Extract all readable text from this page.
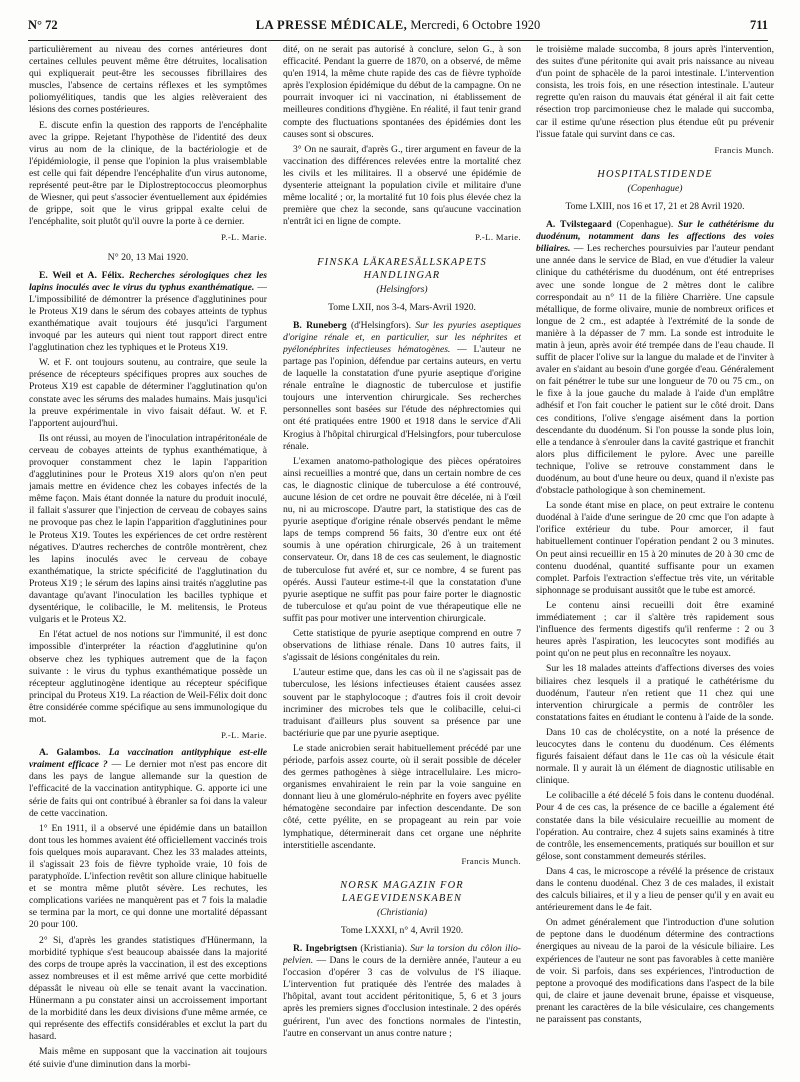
N° 72	LA PRESSE MÉDICALE, Mercredi, 6 Octobre 1920	711

particulièrement au niveau des cornes antérieures dont certaines cellules peuvent même être détruites, localisation qui expliquerait peut-être les secousses fibrillaires des muscles, l'absence de certains réflexes et les symptômes poliomyélitiques, tandis que les algies relèveraient des lésions des cornes postérieures.

E. discute enfin la question des rapports de l'encéphalite avec la grippe. Rejetant l'hypothèse de l'identité des deux virus au nom de la clinique, de la bactériologie et de l'épidémiologie, il pense que l'opinion la plus vraisemblable est celle qui fait dépendre l'encéphalite d'un virus autonome, représenté peut-être par le Diplostreptococcus pleomorphus de Wiesner, qui peut s'associer éventuellement aux épidémies de grippe, soit que le virus grippal exalte celui de l'encéphalite, soit plutôt qu'il ouvre la porte à ce dernier.

P.-L. Marie.

N° 20, 13 Mai 1920.

E. Weil et A. Félix. Recherches sérologiques chez les lapins inoculés avec le virus du typhus exanthématique. — L'impossibilité de démontrer la présence d'agglutinines pour le Proteus X19 dans le sérum des cobayes atteints de typhus exanthématique avait toujours été jusqu'ici l'argument invoqué par les auteurs qui nient tout rapport direct entre l'agglutination chez les typhiques et le Proteus X19.

W. et F. ont toujours soutenu, au contraire, que seule la présence de récepteurs spécifiques propres aux souches de Proteus X19 est capable de déterminer l'agglutination qu'on constate avec les sérums des malades humains. Mais jusqu'ici la preuve expérimentale in vivo faisait défaut. W. et F. l'apportent aujourd'hui.

Ils ont réussi, au moyen de l'inoculation intrapéritonéale de cerveau de cobayes atteints de typhus exanthématique, à provoquer constamment chez le lapin l'apparition d'agglutinines pour le Proteus X19 alors qu'on n'en peut jamais mettre en évidence chez les cobayes infectés de la même façon. Mais étant donnée la nature du produit inoculé, il fallait s'assurer que l'injection de cerveau de cobayes sains ne provoque pas chez le lapin l'apparition d'agglutinines pour le Proteus X19. Toutes les expériences de cet ordre restèrent négatives. D'autres recherches de contrôle montrèrent, chez les lapins inoculés avec le cerveau de cobaye exanthématique, la stricte spécificité de l'agglutination du Proteus X19 ; le sérum des lapins ainsi traités n'agglutine pas davantage qu'avant l'inoculation les bacilles typhique et dysentérique, le colibacille, le M. melitensis, le Proteus vulgaris et le Proteus X2.

En l'état actuel de nos notions sur l'immunité, il est donc impossible d'interpréter la réaction d'agglutinine qu'on observe chez les typhiques autrement que de la façon suivante : le virus du typhus exanthématique possède un récepteur agglutinogène identique au récepteur spécifique principal du Proteus X19. La réaction de Weil-Félix doit donc être considérée comme spécifique au sens immunologique du mot.

P.-L. Marie.

A. Galambos. La vaccination antityphique est-elle vraiment efficace ? — Le dernier mot n'est pas encore dit dans les pays de langue allemande sur la question de l'efficacité de la vaccination antityphique. G. apporte ici une série de faits qui ont contribué à ébranler sa foi dans la valeur de cette vaccination.

1° En 1911, il a observé une épidémie dans un bataillon dont tous les hommes avaient été officiellement vaccinés trois fois quelques mois auparavant. Chez les 33 malades atteints, il s'agissait 23 fois de fièvre typhoïde vraie, 10 fois de paratyphoïde. L'infection revêtit son allure clinique habituelle et se montra même plutôt sévère. Les rechutes, les complications variées ne manquèrent pas et 7 fois la maladie se termina par la mort, ce qui donne une mortalité dépassant 20 pour 100.

2° Si, d'après les grandes statistiques d'Hünermann, la morbidité typhique s'est beaucoup abaissée dans la majorité des corps de troupe après la vaccination, il est des exceptions assez nombreuses et il est même arrivé que cette morbidité dépassât le niveau où elle se tenait avant la vaccination. Hünermann a pu constater ainsi un accroissement important de la morbidité dans les deux divisions d'une même armée, ce qui représente des effectifs considérables et exclut la part du hasard.

Mais même en supposant que la vaccination ait toujours été suivie d'une diminution dans la morbi-

dité, on ne serait pas autorisé à conclure, selon G., à son efficacité. Pendant la guerre de 1870, on a observé, de même qu'en 1914, la même chute rapide des cas de fièvre typhoïde après l'explosion épidémique du début de la campagne. On ne pourrait invoquer ici ni vaccination, ni établissement de meilleures conditions d'hygiène. En réalité, il faut tenir grand compte des fluctuations spontanées des épidémies dont les causes sont si obscures.

3° On ne saurait, d'après G., tirer argument en faveur de la vaccination des différences relevées entre la mortalité chez les civils et les militaires. Il a observé une épidémie de dysenterie atteignant la population civile et militaire d'une même localité ; or, la mortalité fut 10 fois plus élevée chez la première que chez la seconde, sans qu'aucune vaccination n'entrât ici en ligne de compte.

P.-L. Marie.

FINSKA LÄKARESÄLLSKAPETS HANDLINGAR

(Helsingfors)

Tome LXII, nos 3-4, Mars-Avril 1920.

B. Runeberg (d'Helsingfors). Sur les pyuries aseptiques d'origine rénale et, en particulier, sur les néphrites et pyélonéphrites infectieuses hématogènes. — L'auteur ne partage pas l'opinion, défendue par certains auteurs, en vertu de laquelle la constatation d'une pyurie aseptique d'origine rénale entraîne le diagnostic de tuberculose et justifie toujours une intervention chirurgicale. Ses recherches personnelles sont basées sur l'étude des néphrectomies qui ont été pratiquées entre 1900 et 1918 dans le service d'Ali Krogius à l'hôpital chirurgical d'Helsingfors, pour tuberculose rénale.

L'examen anatomo-pathologique des pièces opératoires ainsi recueillies a montré que, dans un certain nombre de ces cas, le diagnostic clinique de tuberculose a été controuvé, aucune lésion de cet ordre ne pouvait être décelée, ni à l'œil nu, ni au microscope. D'autre part, la statistique des cas de pyurie aseptique d'origine rénale observés pendant le même laps de temps comprend 56 faits, 30 d'entre eux ont été soumis à une opération chirurgicale, 26 à un traitement conservateur. Or, dans 18 de ces cas seulement, le diagnostic de tuberculose fut avéré et, sur ce nombre, 4 se furent pas opérés. Aussi l'auteur estime-t-il que la constatation d'une pyurie aseptique ne suffit pas pour faire porter le diagnostic de tuberculose et qu'au point de vue thérapeutique elle ne suffit pas pour motiver une intervention chirurgicale.

Cette statistique de pyurie aseptique comprend en outre 7 observations de lithiase rénale. Dans 10 autres faits, il s'agissait de lésions congénitales du rein.

L'auteur estime que, dans les cas où il ne s'agissait pas de tuberculose, les lésions infectieuses étaient causées assez souvent par le staphylocoque ; d'autres fois il croit devoir incriminer des microbes tels que le colibacille, celui-ci traduisant d'ailleurs plus souvent sa présence par une bactériurie que par une pyurie aseptique.

Le stade anicrobien serait habituellement précédé par une période, parfois assez courte, où il serait possible de déceler des germes pathogènes à siège intracellulaire. Les micro-organismes envahiraient le rein par la voie sanguine en donnant lieu à une glomérulo-néphrite en foyers avec pyélite hématogène secondaire par infection descendante. De son côté, cette pyélite, en se propageant au rein par voie lymphatique, déterminerait dans cet organe une néphrite interstitielle ascendante.

Francis Munch.

NORSK MAGAZIN FOR LAEGEVIDENSKABEN

(Christiania)

Tome LXXXI, n° 4, Avril 1920.

R. Ingebrigtsen (Kristiania). Sur la torsion du côlon ilio-pelvien. — Dans le cours de la dernière année, l'auteur a eu l'occasion d'opérer 3 cas de volvulus de l'S iliaque. L'intervention fut pratiquée dès l'entrée des malades à l'hôpital, avant tout accident péritonitique, 5, 6 et 3 jours après les premiers signes d'occlusion intestinale. 2 des opérés guérirent, l'un avec des fonctions normales de l'intestin, l'autre en conservant un anus contre nature ;

le troisième malade succomba, 8 jours après l'intervention, des suites d'une péritonite qui avait pris naissance au niveau d'un point de sphacèle de la paroi intestinale. L'intervention consista, les trois fois, en une résection intestinale. L'auteur regrette qu'en raison du mauvais état général il ait fait cette résection trop parcimonieuse chez le malade qui succomba, car il estime qu'une résection plus étendue eût pu prévenir l'issue fatale qui survint dans ce cas.

Francis Munch.

HOSPITALSTIDENDE

(Copenhague)

Tome LXIII, nos 16 et 17, 21 et 28 Avril 1920.

A. Tvilstegaard (Copenhague). Sur le cathétérisme du duodénum, notamment dans les affections des voies biliaires. — Les recherches poursuivies par l'auteur pendant une année dans le service de Blad, en vue d'étudier la valeur clinique du cathétérisme du duodénum, ont été entreprises avec une sonde longue de 2 mètres dont le calibre correspondait au n° 11 de la filière Charrière. Une capsule métallique, de forme olivaire, munie de nombreux orifices et longue de 2 cm., est adaptée à l'extrémité de la sonde de manière à la dépasser de 7 mm. La sonde est introduite le matin à jeun, après avoir été trempée dans de l'eau chaude. Il suffit de placer l'olive sur la langue du malade et de l'inviter à avaler en s'aidant au besoin d'une gorgée d'eau. Généralement on fait pénétrer le tube sur une longueur de 70 ou 75 cm., on le fixe à la joue gauche du malade à l'aide d'un emplâtre adhésif et l'on fait coucher le patient sur le côté droit. Dans ces conditions, l'olive s'engage aisément dans la portion descendante du duodénum. Si l'on pousse la sonde plus loin, elle a tendance à s'enrouler dans la cavité gastrique et franchit alors plus difficilement le pylore. Avec une pareille technique, l'olive se retrouve constamment dans le duodénum, au bout d'une heure ou deux, quand il n'existe pas d'obstacle pathologique à son cheminement.

La sonde étant mise en place, on peut extraire le contenu duodénal à l'aide d'une seringue de 20 cmc que l'on adapte à l'orifice extérieur du tube. Pour amorcer, il faut habituellement continuer l'opération pendant 2 ou 3 minutes. On peut ainsi recueillir en 15 à 20 minutes de 20 à 30 cmc de contenu duodénal, quantité suffisante pour un examen complet. Parfois l'extraction s'effectue très vite, un véritable siphonnage se produisant aussitôt que le tube est amorcé.

Le contenu ainsi recueilli doit être examiné immédiatement ; car il s'altère très rapidement sous l'influence des ferments digestifs qu'il renferme : 2 ou 3 heures après l'aspiration, les leucocytes sont modifiés au point qu'on ne peut plus en reconnaître les noyaux.

Sur les 18 malades atteints d'affections diverses des voies biliaires chez lesquels il a pratiqué le cathétérisme du duodénum, l'auteur n'en retient que 11 chez qui une intervention chirurgicale a permis de contrôler les constatations faites en étudiant le contenu à l'aide de la sonde.

Dans 10 cas de cholécystite, on a noté la présence de leucocytes dans le contenu du duodénum. Ces éléments figurés faisaient défaut dans le 11e cas où la vésicule était normale. Il y aurait là un élément de diagnostic utilisable en clinique.

Le colibacille a été décelé 5 fois dans le contenu duodénal. Pour 4 de ces cas, la présence de ce bacille a également été constatée dans la bile vésiculaire recueillie au moment de l'opération. Au contraire, chez 4 sujets sains examinés à titre de contrôle, les ensemencements, pratiqués sur bouillon et sur gélose, sont constamment demeurés stériles.

Dans 4 cas, le microscope a révélé la présence de cristaux dans le contenu duodénal. Chez 3 de ces malades, il existait des calculs biliaires, et il y a lieu de penser qu'il y en avait eu antérieurement dans le 4e fait.

On admet généralement que l'introduction d'une solution de peptone dans le duodénum détermine des contractions énergiques au niveau de la paroi de la vésicule biliaire. Les expériences de l'auteur ne sont pas favorables à cette manière de voir. Si parfois, dans ses expériences, l'introduction de peptone a provoqué des modifications dans l'aspect de la bile qui, de claire et jaune devenait brune, épaisse et visqueuse, prenant les caractères de la bile vésiculaire, ces changements ne paraissent pas constants,
